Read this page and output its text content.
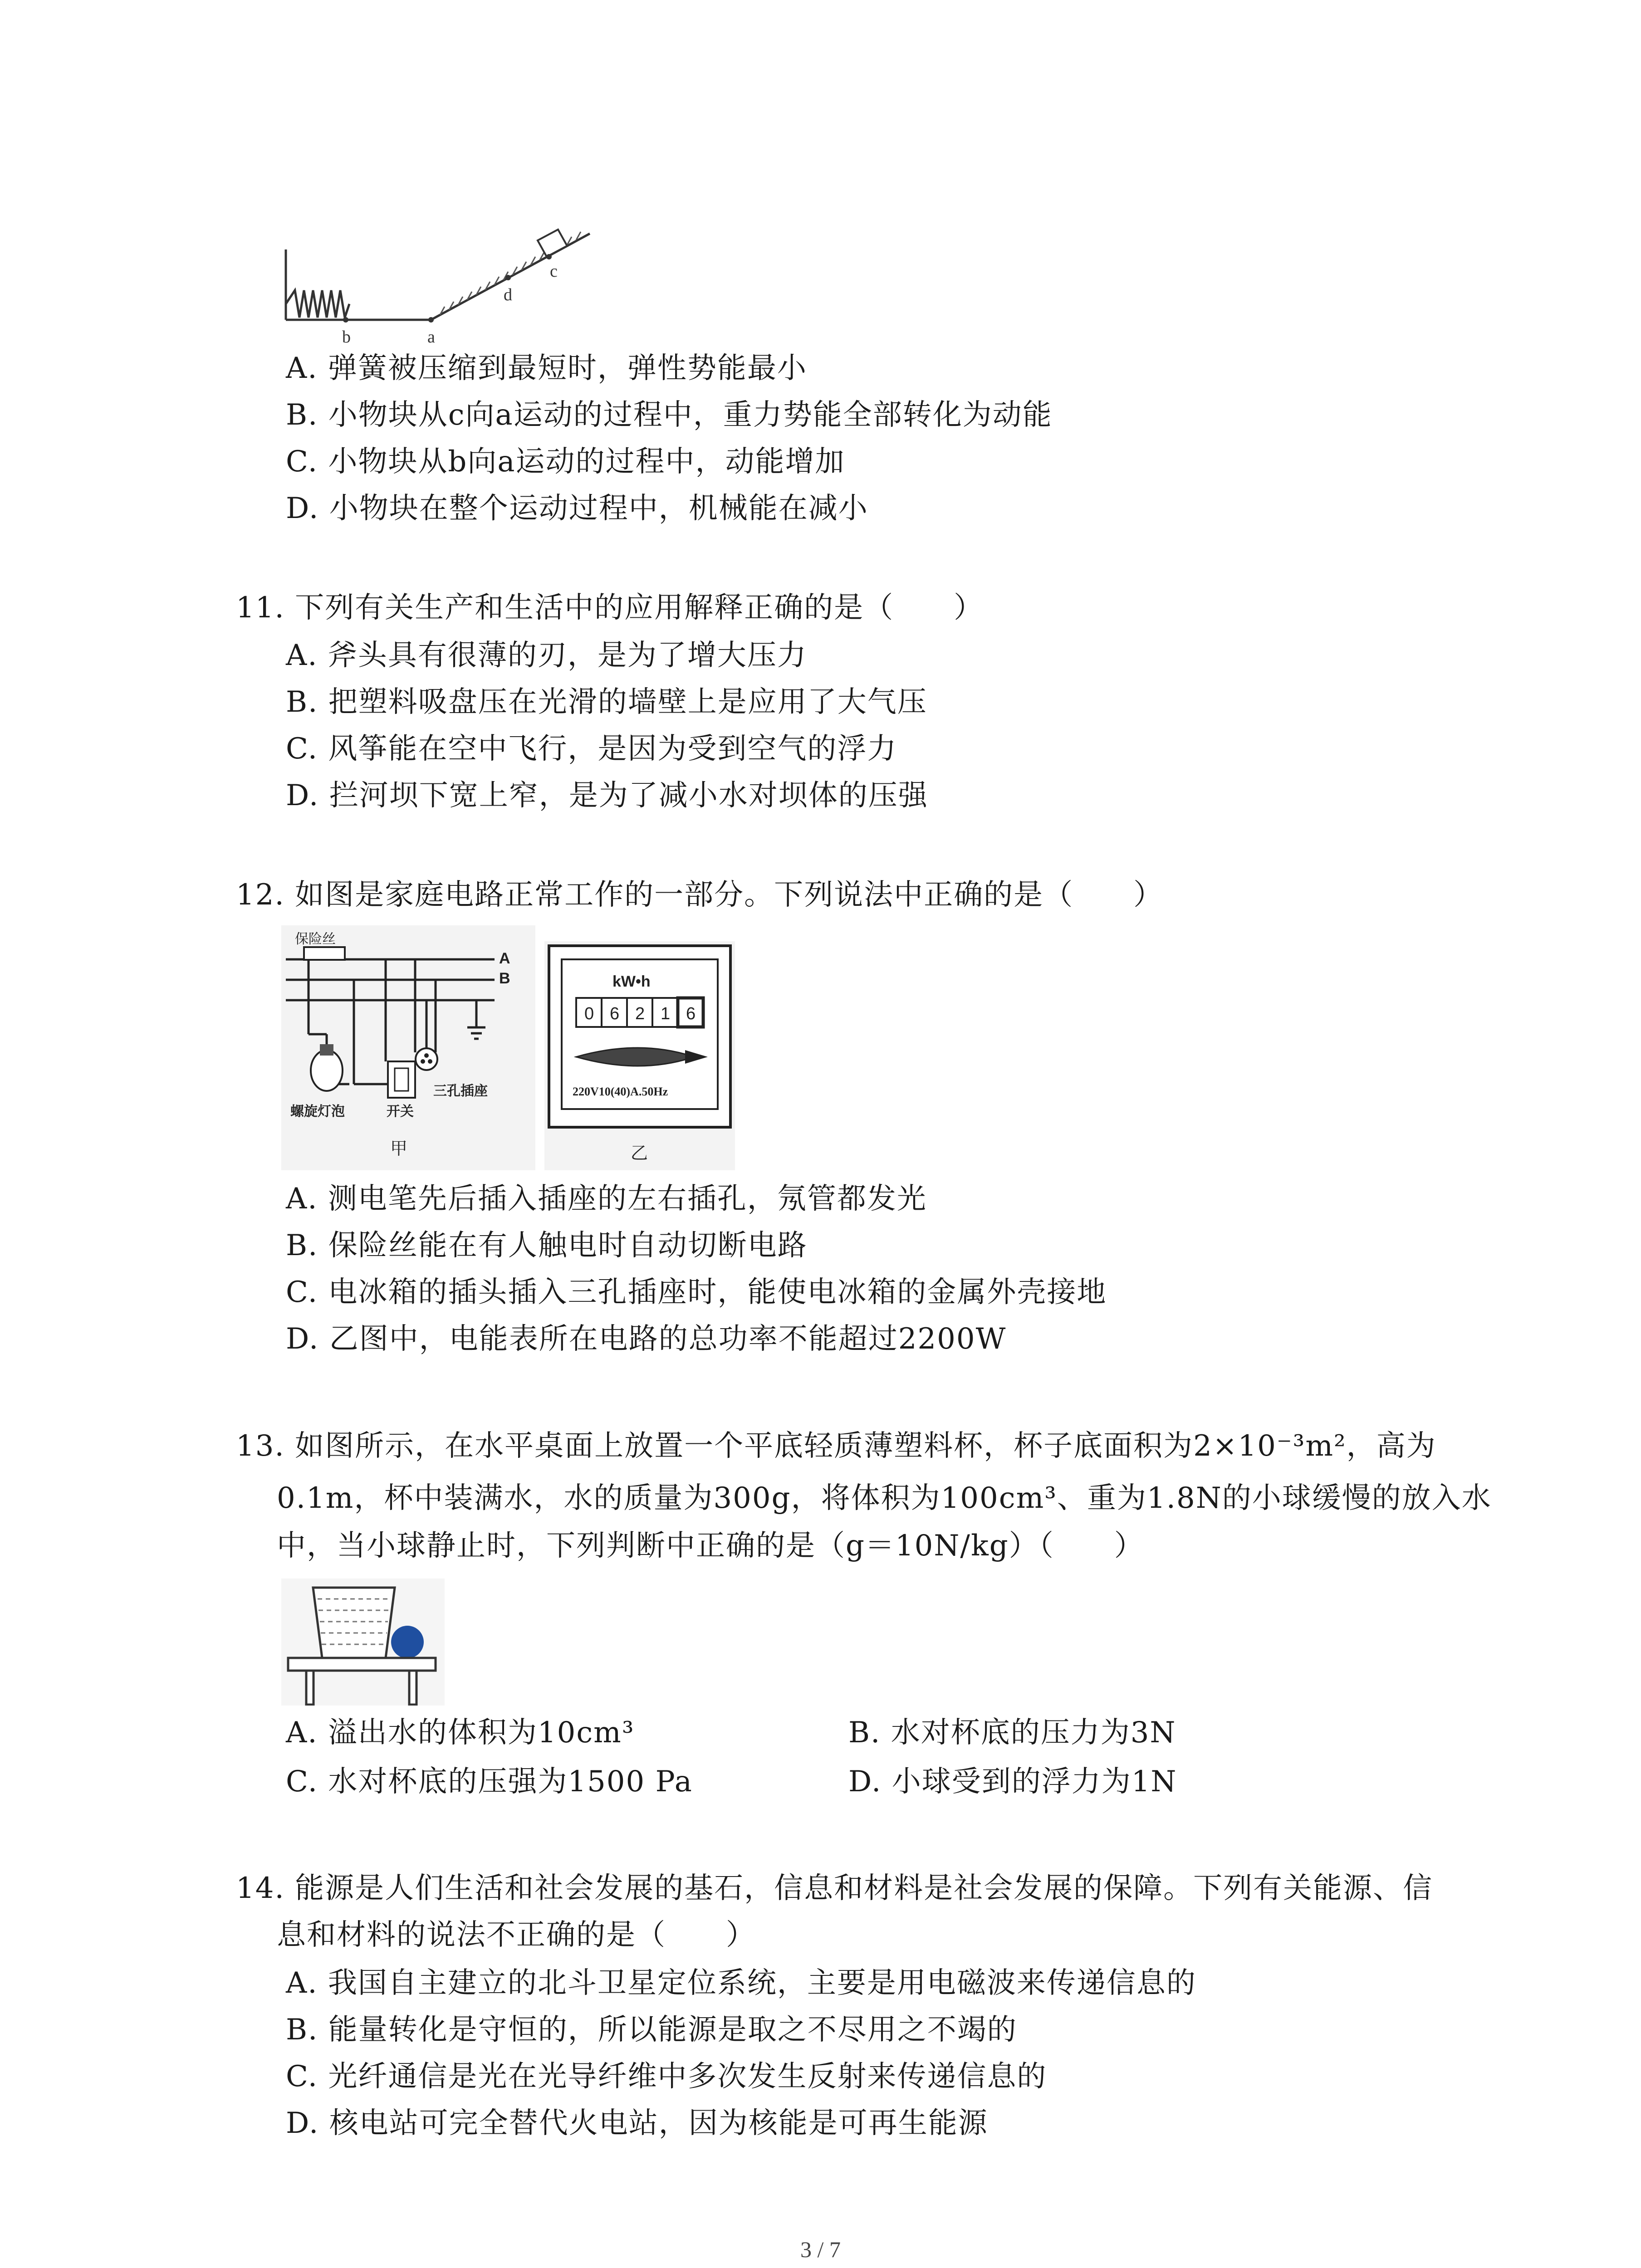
b	a
d
c
A. 弹簧被压缩到最短时，弹性势能最小
B. 小物块从c向a运动的过程中，重力势能全部转化为动能
C. 小物块从b向a运动的过程中，动能增加
D. 小物块在整个运动过程中，机械能在减小
11. 下列有关生产和生活中的应用解释正确的是（　　）
A. 斧头具有很薄的刃，是为了增大压力
B. 把塑料吸盘压在光滑的墙壁上是应用了大气压
C. 风筝能在空中飞行，是因为受到空气的浮力
D. 拦河坝下宽上窄，是为了减小水对坝体的压强
12. 如图是家庭电路正常工作的一部分。下列说法中正确的是（　　）
保险丝
A
B
螺旋灯泡	开关
三孔插座
甲
kW•h
0 6 2 1 6
220V10(40)A.50Hz
乙
A. 测电笔先后插入插座的左右插孔，氖管都发光
B. 保险丝能在有人触电时自动切断电路
C. 电冰箱的插头插入三孔插座时，能使电冰箱的金属外壳接地
D. 乙图中，电能表所在电路的总功率不能超过2200W
13. 如图所示，在水平桌面上放置一个平底轻质薄塑料杯，杯子底面积为2×10⁻³m²，高为
0.1m，杯中装满水，水的质量为300g，将体积为100cm³、重为1.8N的小球缓慢的放入水
中，当小球静止时，下列判断中正确的是（g＝10N/kg）（　　）
A. 溢出水的体积为10cm³	B. 水对杯底的压力为3N
C. 水对杯底的压强为1500 Pa	D. 小球受到的浮力为1N
14. 能源是人们生活和社会发展的基石，信息和材料是社会发展的保障。下列有关能源、信
息和材料的说法不正确的是（　　）
A. 我国自主建立的北斗卫星定位系统，主要是用电磁波来传递信息的
B. 能量转化是守恒的，所以能源是取之不尽用之不竭的
C. 光纤通信是光在光导纤维中多次发生反射来传递信息的
D. 核电站可完全替代火电站，因为核能是可再生能源
3 / 7
